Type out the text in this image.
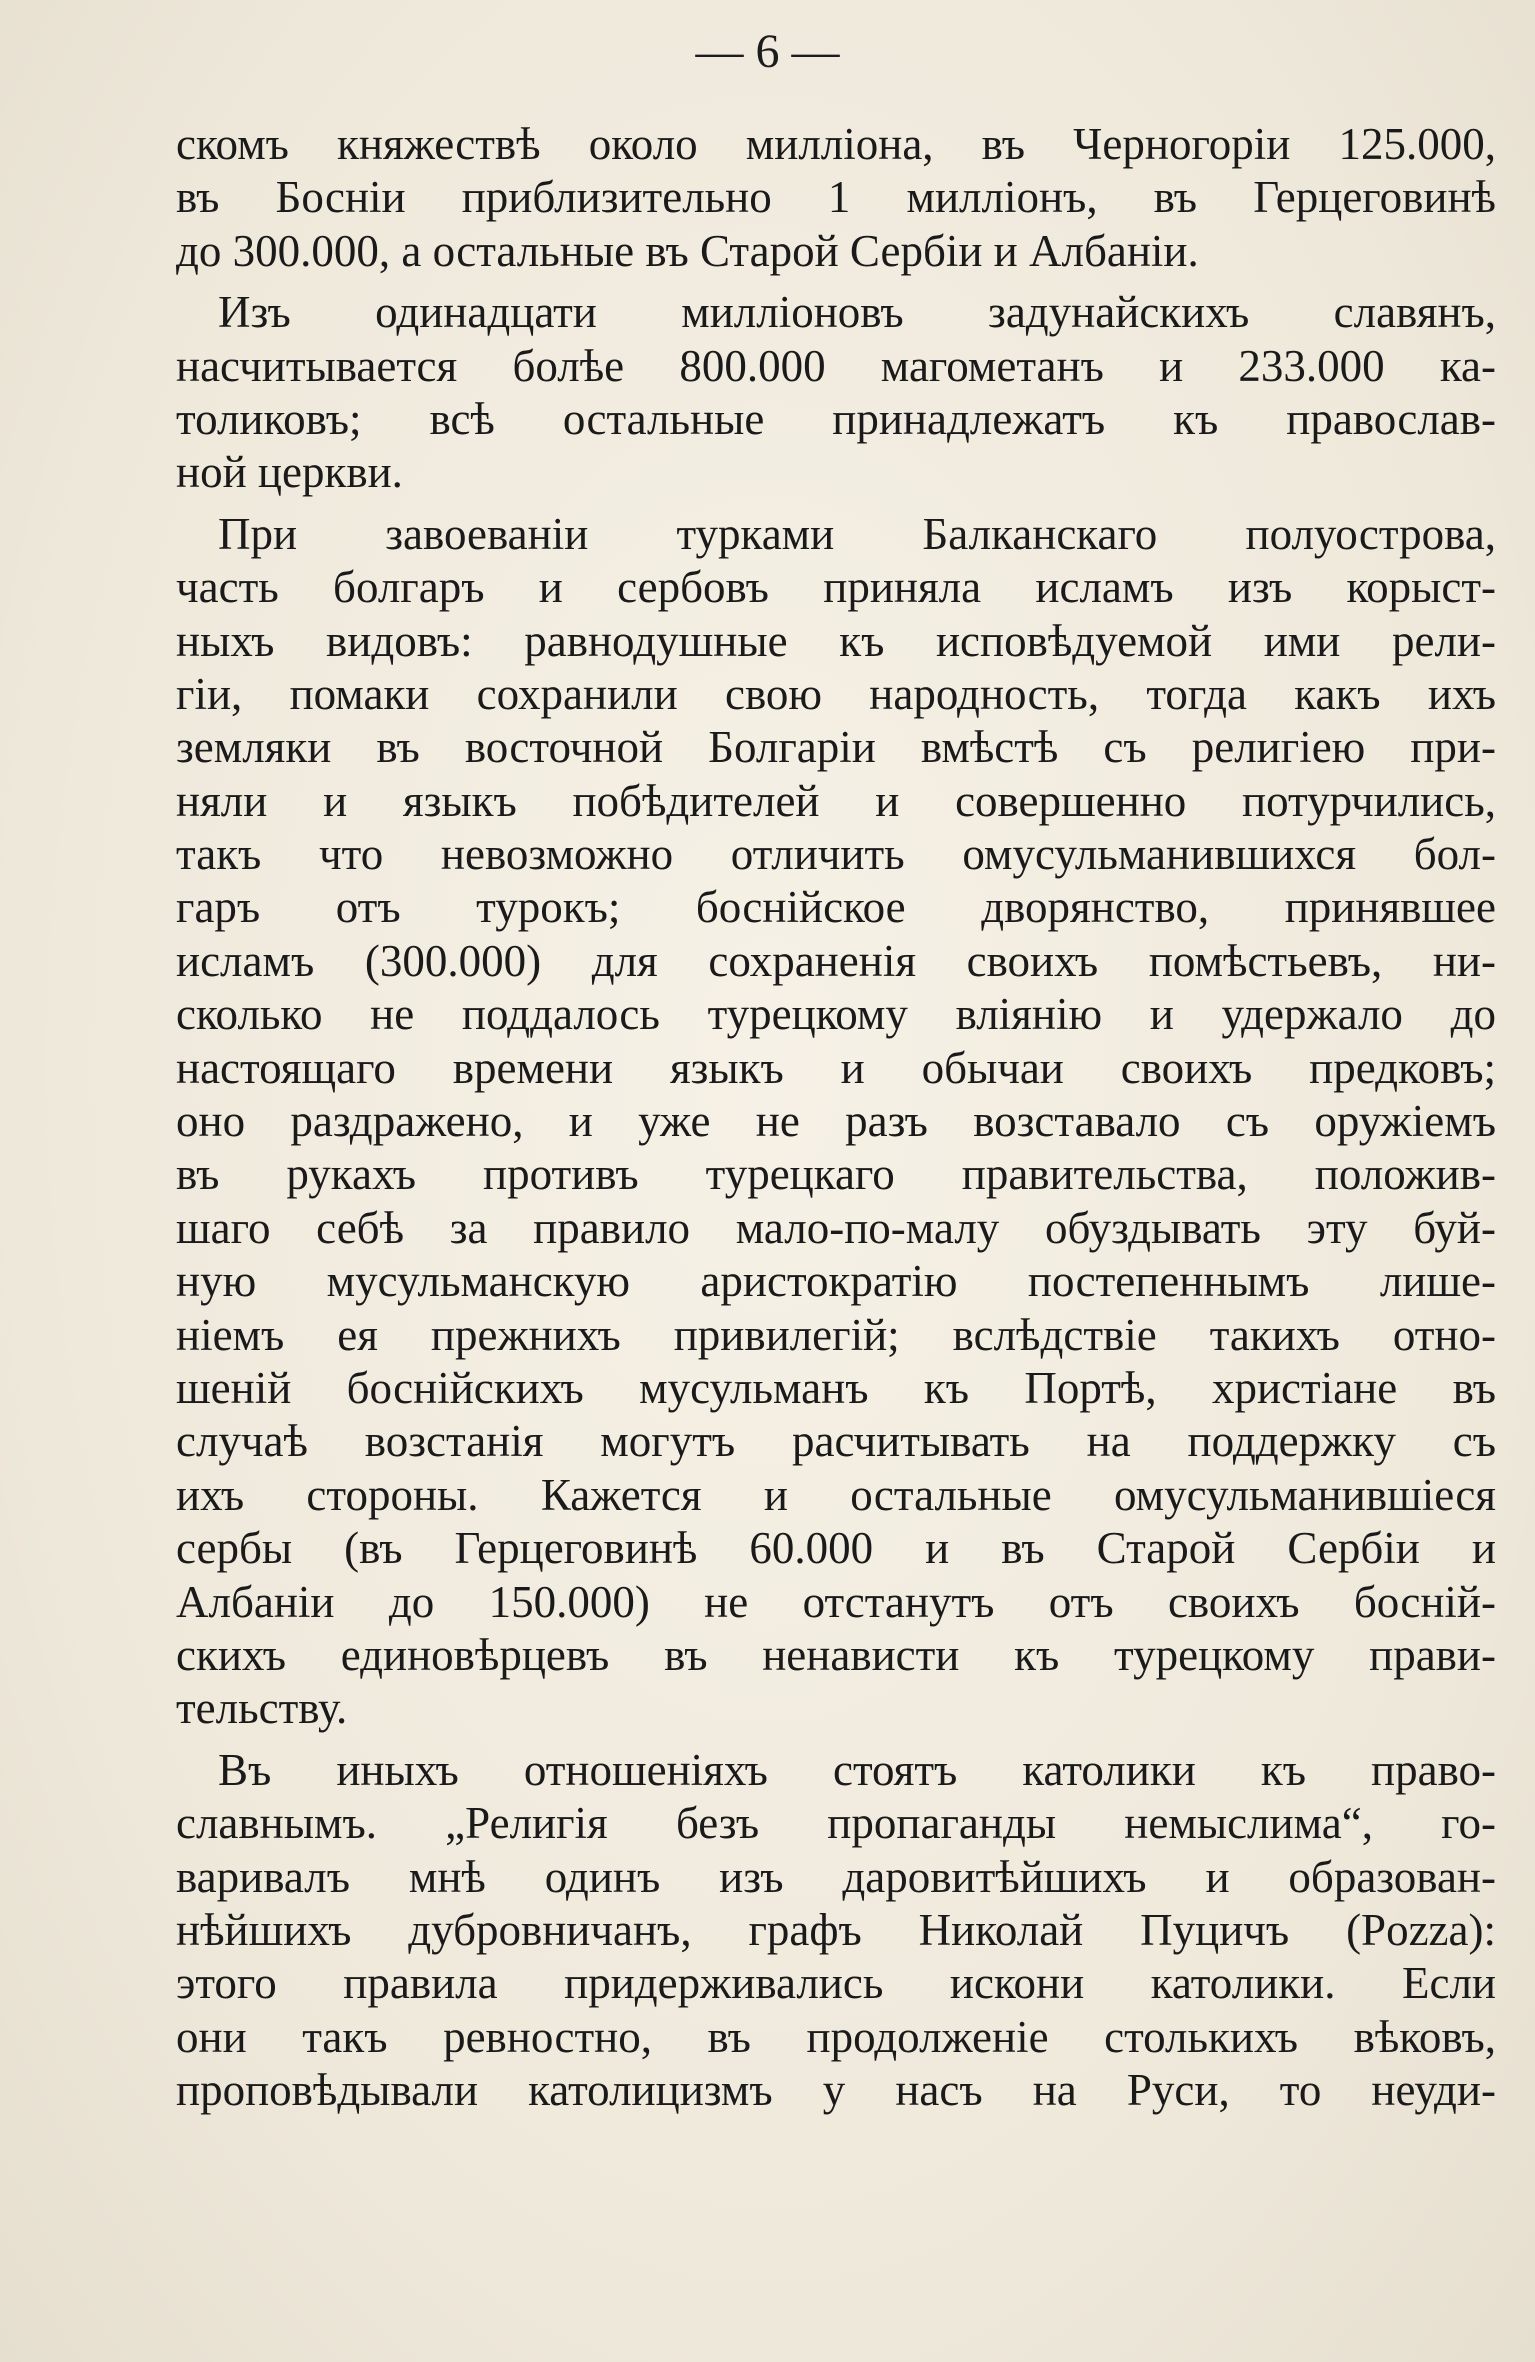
— 6 —
скомъ княжествѣ около милліона, въ Черногоріи 125.000,
въ Босніи приблизительно 1 милліонъ, въ Герцеговинѣ
до 300.000, а остальные въ Старой Сербіи и Албаніи.
Изъ одинадцати милліоновъ задунайскихъ славянъ,
насчитывается болѣе 800.000 магометанъ и 233.000 ка-
толиковъ; всѣ остальные принадлежатъ къ православ-
ной церкви.
При завоеваніи турками Балканскаго полуострова,
часть болгаръ и сербовъ приняла исламъ изъ корыст-
ныхъ видовъ: равнодушные къ исповѣдуемой ими рели-
гіи, помаки сохранили свою народность, тогда какъ ихъ
земляки въ восточной Болгаріи вмѣстѣ съ религіею при-
няли и языкъ побѣдителей и совершенно потурчились,
такъ что невозможно отличить омусульманившихся бол-
гаръ отъ турокъ; боснійское дворянство, принявшее
исламъ (300.000) для сохраненія своихъ помѣстьевъ, ни-
сколько не поддалось турецкому вліянію и удержало до
настоящаго времени языкъ и обычаи своихъ предковъ;
оно раздражено, и уже не разъ возставало съ оружіемъ
въ рукахъ противъ турецкаго правительства, положив-
шаго себѣ за правило мало-по-малу обуздывать эту буй-
ную мусульманскую аристократію постепеннымъ лише-
ніемъ ея прежнихъ привилегій; вслѣдствіе такихъ отно-
шеній боснійскихъ мусульманъ къ Портѣ, христіане въ
случаѣ возстанія могутъ расчитывать на поддержку съ
ихъ стороны. Кажется и остальные омусульманившіеся
сербы (въ Герцеговинѣ 60.000 и въ Старой Сербіи и
Албаніи до 150.000) не отстанутъ отъ своихъ босній-
скихъ единовѣрцевъ въ ненависти къ турецкому прави-
тельству.
Въ иныхъ отношеніяхъ стоятъ католики къ право-
славнымъ. „Религія безъ пропаганды немыслима“, го-
варивалъ мнѣ одинъ изъ даровитѣйшихъ и образован-
нѣйшихъ дубровничанъ, графъ Николай Пуцичъ (Pozza):
этого правила придерживались искони католики. Если
они такъ ревностно, въ продолженіе столькихъ вѣковъ,
проповѣдывали католицизмъ у насъ на Руси, то неуди-
